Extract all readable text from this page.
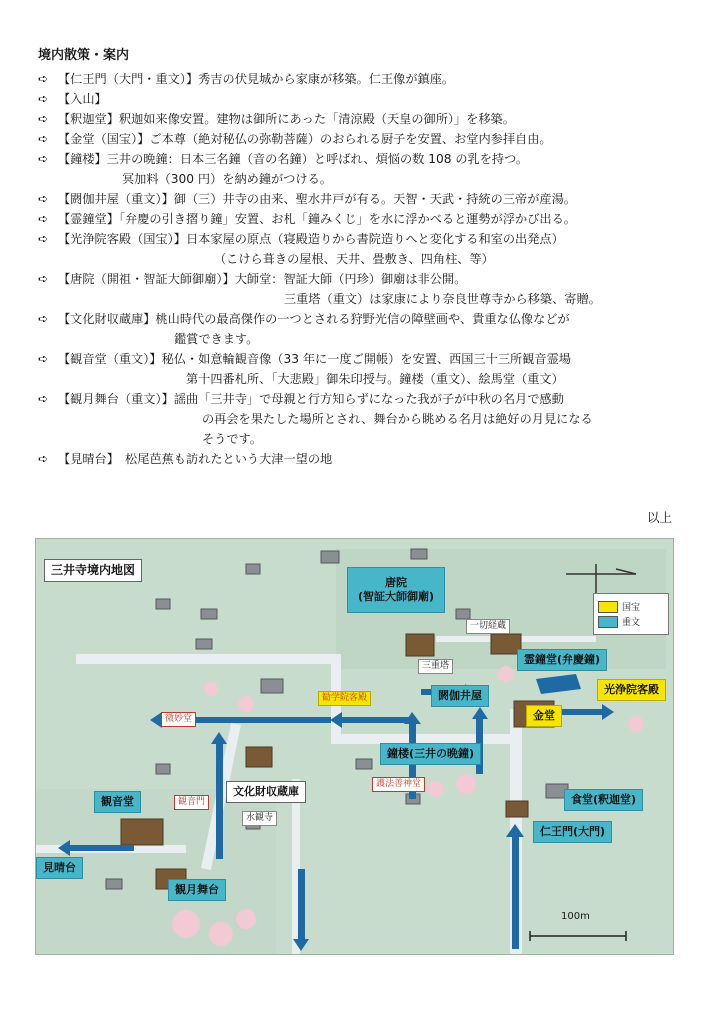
境内散策・案内
➪ 【仁王門（大門・重文）】秀吉の伏見城から家康が移築。仁王像が鎮座。
➪ 【入山】
➪ 【釈迦堂】釈迦如来像安置。建物は御所にあった「清涼殿（天皇の御所）」を移築。
➪ 【金堂（国宝）】ご本尊（絶対秘仏の弥勒菩薩）のおられる厨子を安置、お堂内参拝自由。
➪ 【鐘楼】三井の晩鐘：日本三名鐘（音の名鐘）と呼ばれ、煩悩の数 108 の乳を持つ。
冥加料（300 円）を納め鐘がつける。
➪ 【閼伽井屋（重文）】御（三）井寺の由来、聖水井戸が有る。天智・天武・持統の三帝が産湯。
➪ 【霊鐘堂】「弁慶の引き摺り鐘」安置、お札「鐘みくじ」を水に浮かべると運勢が浮かび出る。
➪ 【光浄院客殿（国宝）】日本家屋の原点（寝殿造りから書院造りへと変化する和室の出発点）
（こけら葺きの屋根、天井、畳敷き、四角柱、等）
➪ 【唐院（開祖・智証大師御廟）】大師堂：智証大師（円珍）御廟は非公開。
三重塔（重文）は家康により奈良世尊寺から移築、寄贈。
➪ 【文化財収蔵庫】桃山時代の最高傑作の一つとされる狩野光信の障壁画や、貴重な仏像などが
鑑賞できます。
➪ 【観音堂（重文）】秘仏・如意輪観音像（33 年に一度ご開帳）を安置、西国三十三所観音霊場
第十四番札所、「大悲殿」御朱印授与。鐘楼（重文）、絵馬堂（重文）
➪ 【観月舞台（重文）】謡曲「三井寺」で母親と行方知らずになった我が子が中秋の名月で感動
の再会を果たした場所とされ、舞台から眺める名月は絶好の月見になる
そうです。
➪ 【見晴台】　松尾芭蕉も訪れたという大津一望の地
以上
三井寺境内地図
国宝
重文
唐院
(智証大師御廟)
一切経蔵
三重塔	霊鐘堂(弁慶鐘)
光浄院客殿
勧学院客殿	閼伽井屋
金堂
微妙堂
鐘楼(三井の晩鐘)
護法善神堂
文化財収蔵庫
観音堂	観音門
水観寺
食堂(釈迦堂)
仁王門(大門)
見晴台
観月舞台
100m
